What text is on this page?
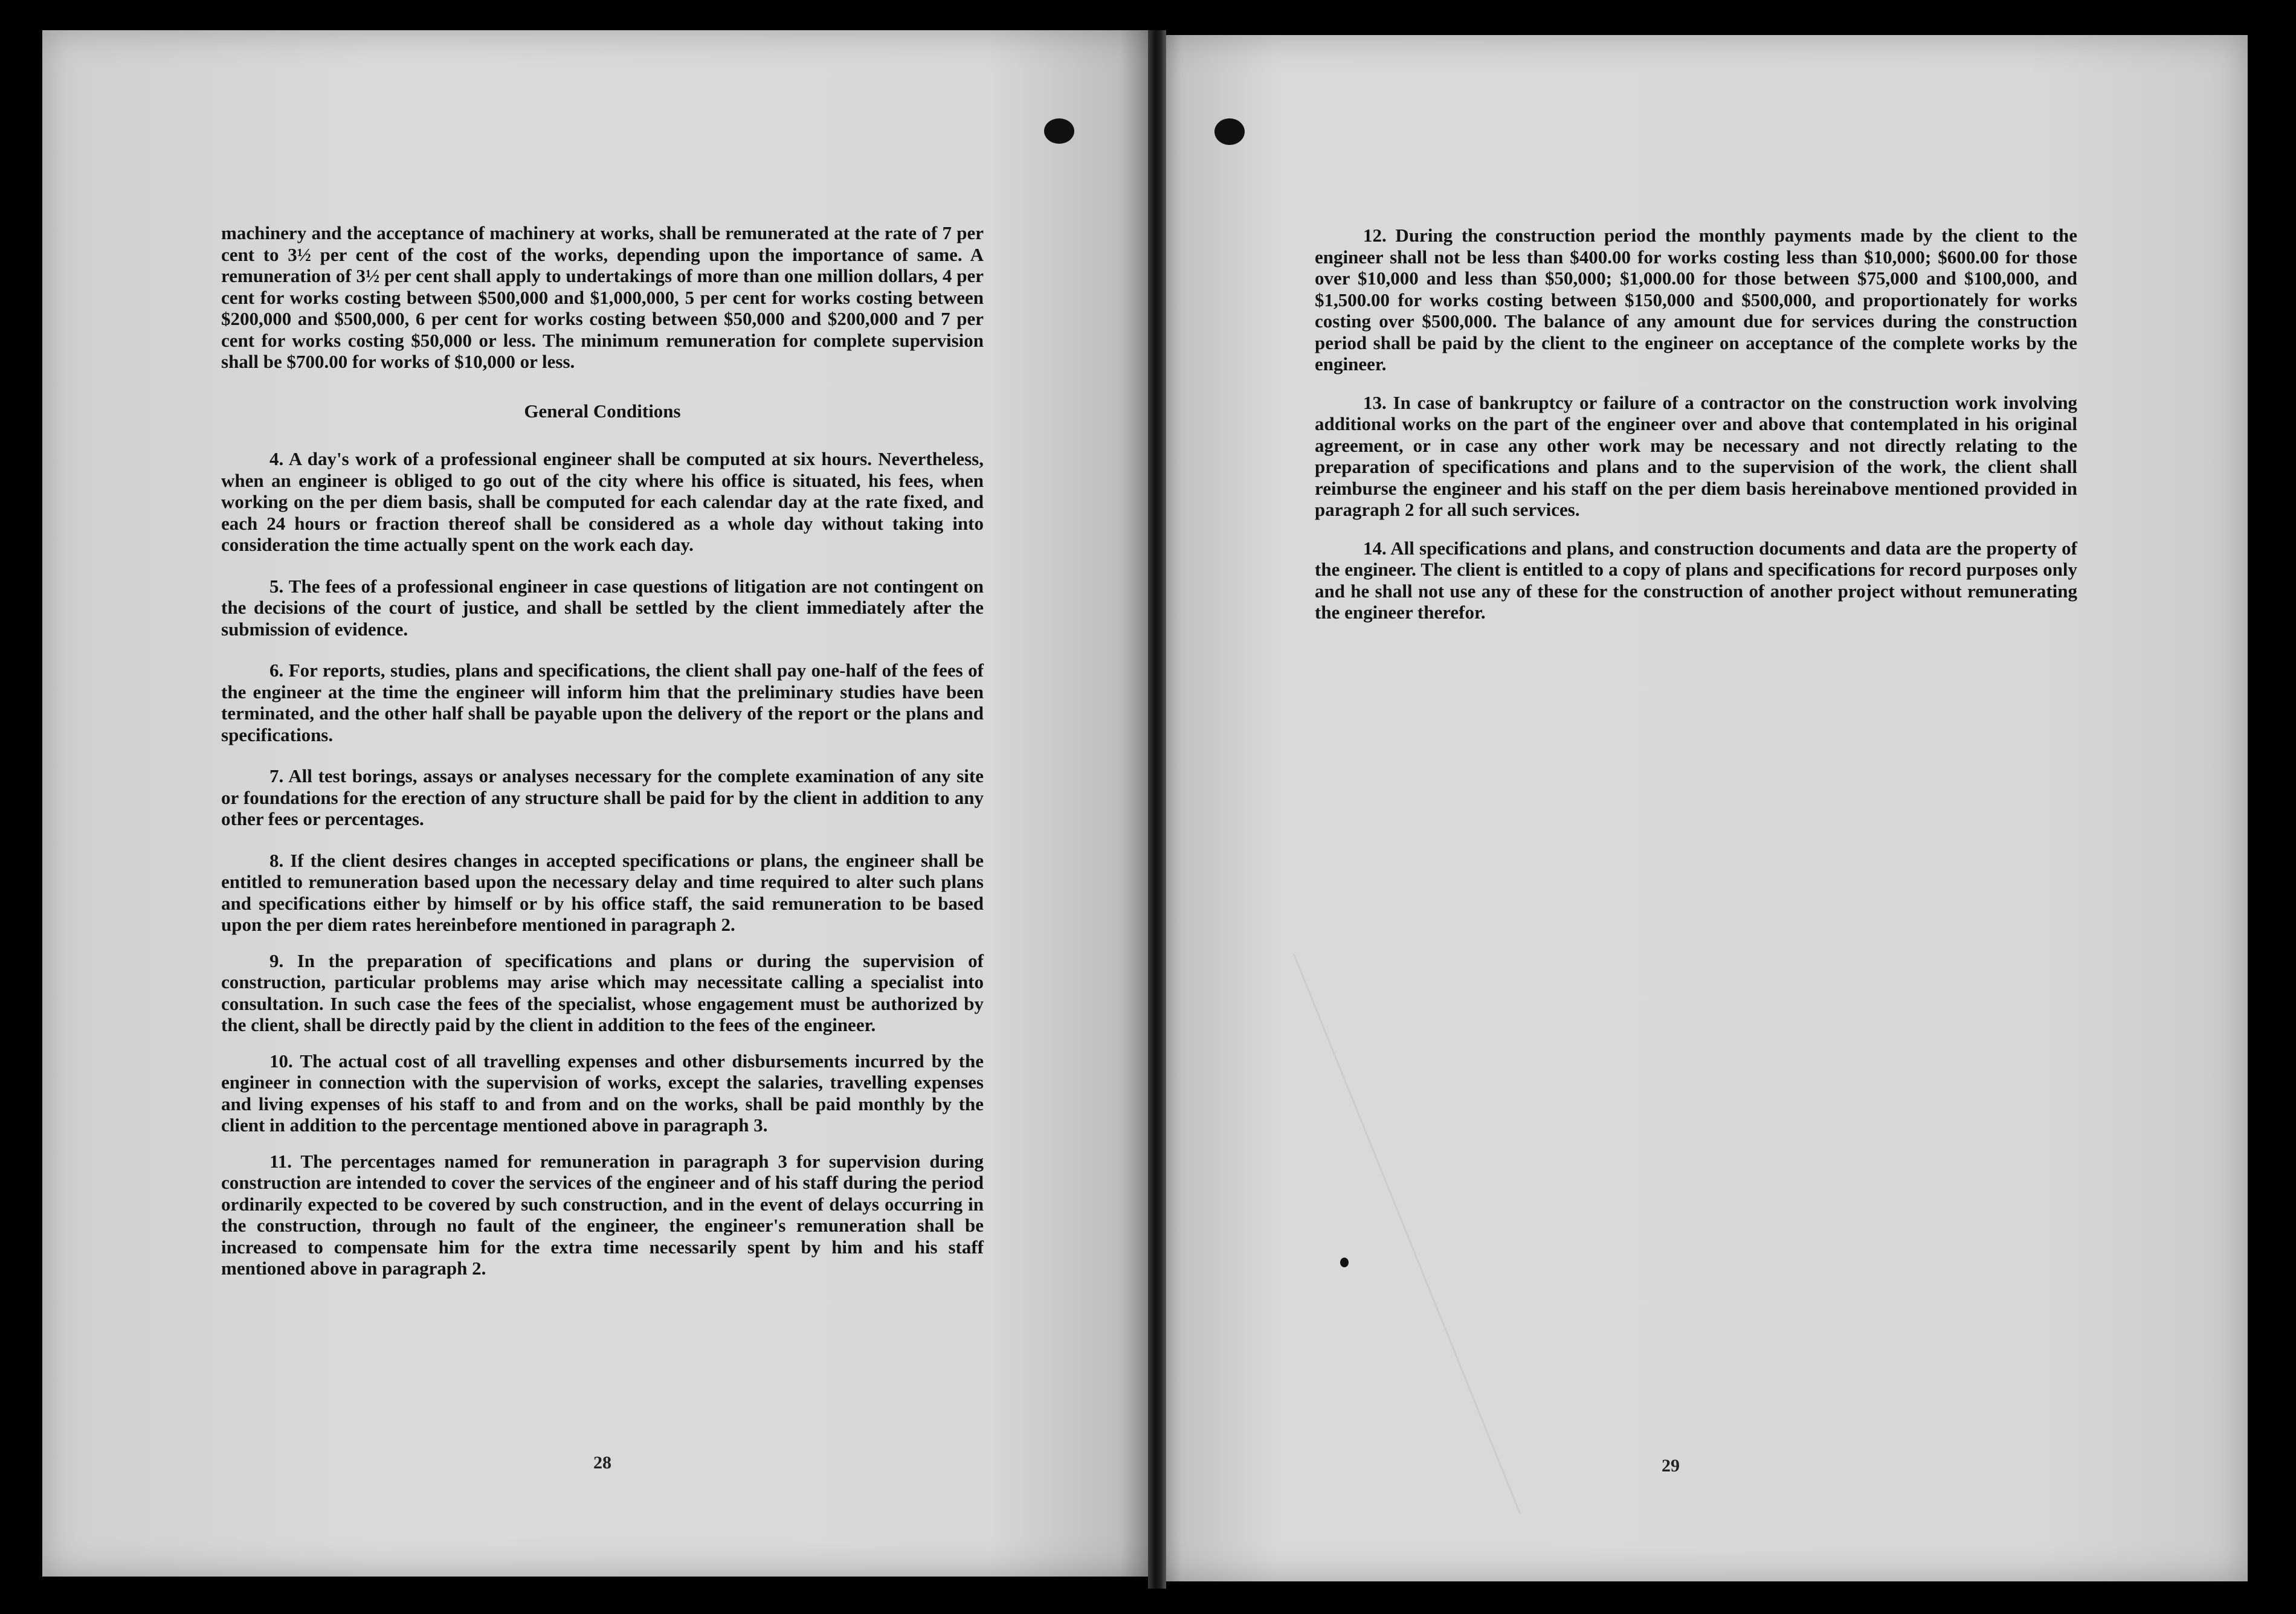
machinery and the acceptance of machinery at works, shall be remunerated at the rate of 7 per cent to 3½ per cent of the cost of the works, depending upon the importance of same. A remuneration of 3½ per cent shall apply to undertakings of more than one million dollars, 4 per cent for works costing between $500,000 and $1,000,000, 5 per cent for works costing between $200,000 and $500,000, 6 per cent for works costing between $50,000 and $200,000 and 7 per cent for works costing $50,000 or less. The minimum remuneration for complete supervision shall be $700.00 for works of $10,000 or less.

General Conditions

4. A day's work of a professional engineer shall be computed at six hours. Nevertheless, when an engineer is obliged to go out of the city where his office is situated, his fees, when working on the per diem basis, shall be computed for each calendar day at the rate fixed, and each 24 hours or fraction thereof shall be considered as a whole day without taking into consideration the time actually spent on the work each day.

5. The fees of a professional engineer in case questions of litigation are not contingent on the decisions of the court of justice, and shall be settled by the client immediately after the submission of evidence.

6. For reports, studies, plans and specifications, the client shall pay one-half of the fees of the engineer at the time the engineer will inform him that the preliminary studies have been terminated, and the other half shall be payable upon the delivery of the report or the plans and specifications.

7. All test borings, assays or analyses necessary for the complete examination of any site or foundations for the erection of any structure shall be paid for by the client in addition to any other fees or percentages.

8. If the client desires changes in accepted specifications or plans, the engineer shall be entitled to remuneration based upon the necessary delay and time required to alter such plans and specifications either by himself or by his office staff, the said remuneration to be based upon the per diem rates hereinbefore mentioned in paragraph 2.

9. In the preparation of specifications and plans or during the supervision of construction, particular problems may arise which may necessitate calling a specialist into consultation. In such case the fees of the specialist, whose engagement must be authorized by the client, shall be directly paid by the client in addition to the fees of the engineer.

10. The actual cost of all travelling expenses and other disbursements incurred by the engineer in connection with the supervision of works, except the salaries, travelling expenses and living expenses of his staff to and from and on the works, shall be paid monthly by the client in addition to the percentage mentioned above in paragraph 3.

11. The percentages named for remuneration in paragraph 3 for supervision during construction are intended to cover the services of the engineer and of his staff during the period ordinarily expected to be covered by such construction, and in the event of delays occurring in the construction, through no fault of the engineer, the engineer's remuneration shall be increased to compensate him for the extra time necessarily spent by him and his staff mentioned above in paragraph 2.

28

12. During the construction period the monthly payments made by the client to the engineer shall not be less than $400.00 for works costing less than $10,000; $600.00 for those over $10,000 and less than $50,000; $1,000.00 for those between $75,000 and $100,000, and $1,500.00 for works costing between $150,000 and $500,000, and proportionately for works costing over $500,000. The balance of any amount due for services during the construction period shall be paid by the client to the engineer on acceptance of the complete works by the engineer.

13. In case of bankruptcy or failure of a contractor on the construction work involving additional works on the part of the engineer over and above that contemplated in his original agreement, or in case any other work may be necessary and not directly relating to the preparation of specifications and plans and to the supervision of the work, the client shall reimburse the engineer and his staff on the per diem basis hereinabove mentioned provided in paragraph 2 for all such services.

14. All specifications and plans, and construction documents and data are the property of the engineer. The client is entitled to a copy of plans and specifications for record purposes only and he shall not use any of these for the construction of another project without remunerating the engineer therefor.

29
